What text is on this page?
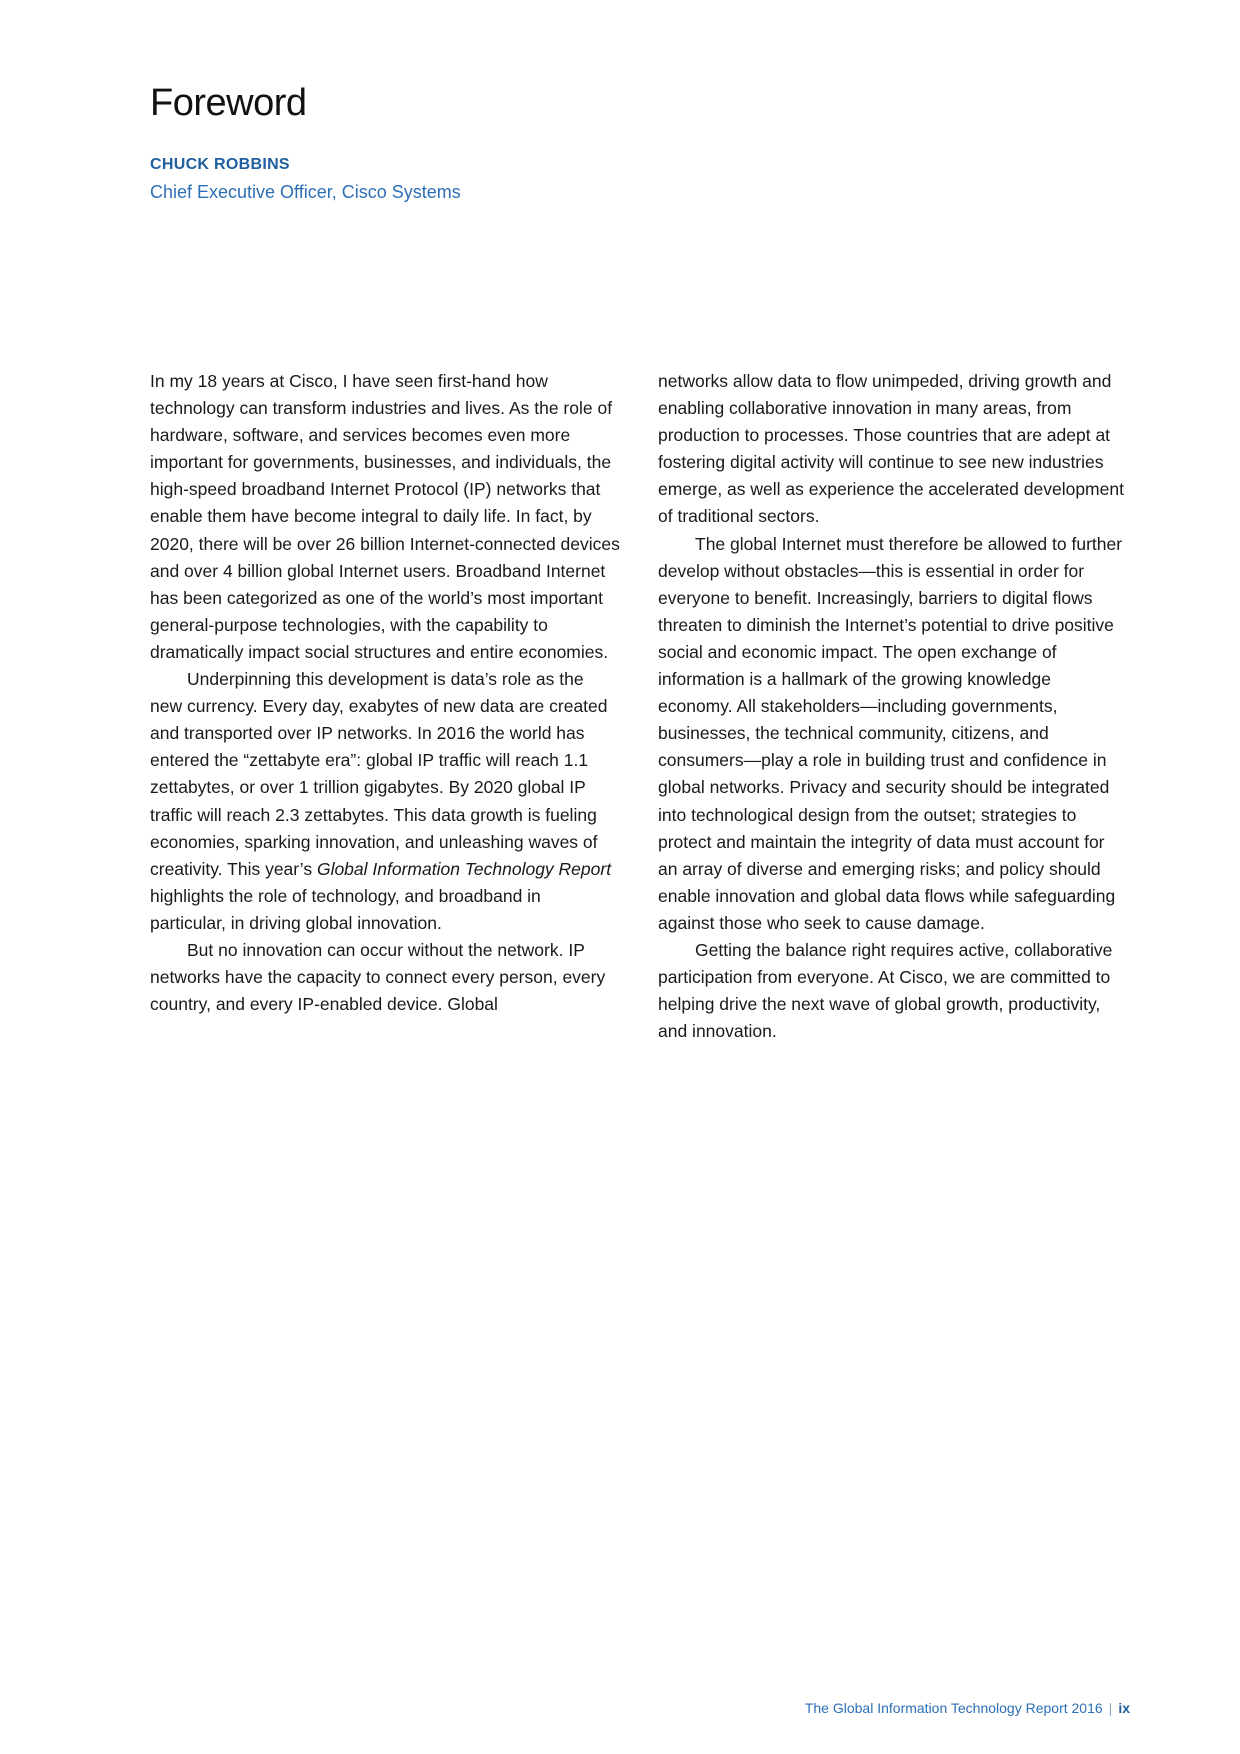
Foreword
CHUCK ROBBINS
Chief Executive Officer, Cisco Systems

In my 18 years at Cisco, I have seen first-hand how technology can transform industries and lives. As the role of hardware, software, and services becomes even more important for governments, businesses, and individuals, the high-speed broadband Internet Protocol (IP) networks that enable them have become integral to daily life. In fact, by 2020, there will be over 26 billion Internet-connected devices and over 4 billion global Internet users. Broadband Internet has been categorized as one of the world’s most important general-purpose technologies, with the capability to dramatically impact social structures and entire economies.

Underpinning this development is data’s role as the new currency. Every day, exabytes of new data are created and transported over IP networks. In 2016 the world has entered the “zettabyte era”: global IP traffic will reach 1.1 zettabytes, or over 1 trillion gigabytes. By 2020 global IP traffic will reach 2.3 zettabytes. This data growth is fueling economies, sparking innovation, and unleashing waves of creativity. This year’s Global Information Technology Report highlights the role of technology, and broadband in particular, in driving global innovation.

But no innovation can occur without the network. IP networks have the capacity to connect every person, every country, and every IP-enabled device. Global

networks allow data to flow unimpeded, driving growth and enabling collaborative innovation in many areas, from production to processes. Those countries that are adept at fostering digital activity will continue to see new industries emerge, as well as experience the accelerated development of traditional sectors.

The global Internet must therefore be allowed to further develop without obstacles—this is essential in order for everyone to benefit. Increasingly, barriers to digital flows threaten to diminish the Internet’s potential to drive positive social and economic impact. The open exchange of information is a hallmark of the growing knowledge economy. All stakeholders—including governments, businesses, the technical community, citizens, and consumers—play a role in building trust and confidence in global networks. Privacy and security should be integrated into technological design from the outset; strategies to protect and maintain the integrity of data must account for an array of diverse and emerging risks; and policy should enable innovation and global data flows while safeguarding against those who seek to cause damage.

Getting the balance right requires active, collaborative participation from everyone. At Cisco, we are committed to helping drive the next wave of global growth, productivity, and innovation.

The Global Information Technology Report 2016 | ix
